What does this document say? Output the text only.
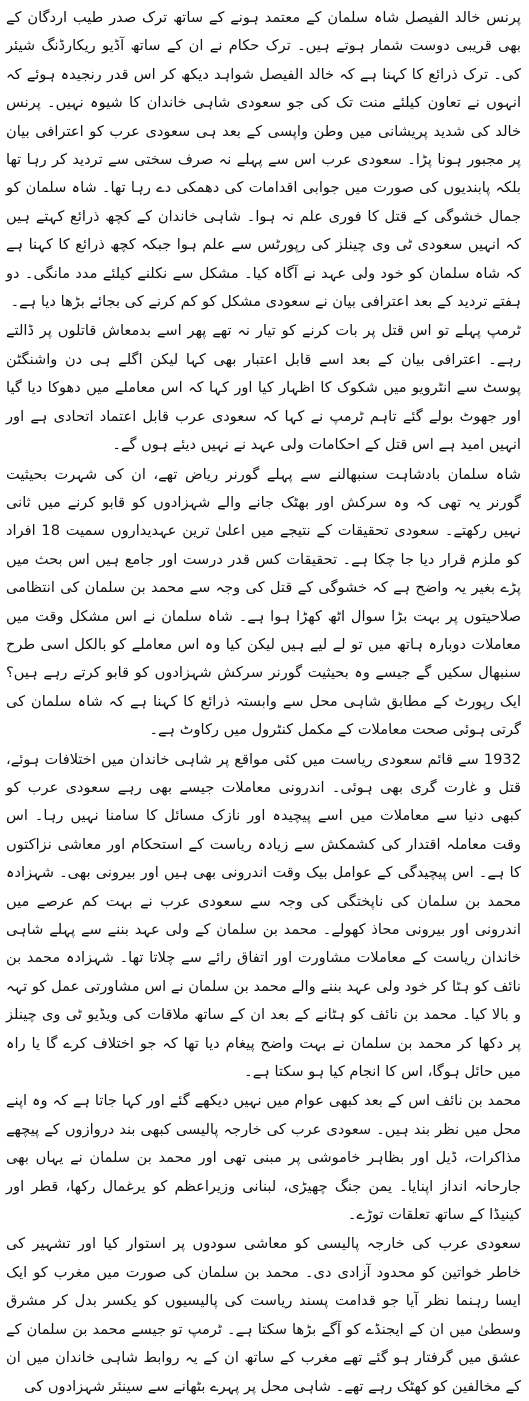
پرنس خالد الفیصل شاہ سلمان کے معتمد ہونے کے ساتھ ترک صدر طیب اردگان کے بھی قریبی دوست شمار ہوتے ہیں۔ ترک حکام نے ان کے ساتھ آڈیو ریکارڈنگ شیئر کی۔ ترک ذرائع کا کہنا ہے کہ خالد الفیصل شواہد دیکھ کر اس قدر رنجیدہ ہوئے کہ انہوں نے تعاون کیلئے منت تک کی جو سعودی شاہی خاندان کا شیوہ نہیں۔ پرنس خالد کی شدید پریشانی میں وطن واپسی کے بعد ہی سعودی عرب کو اعترافی بیان پر مجبور ہونا پڑا۔ سعودی عرب اس سے پہلے نہ صرف سختی سے تردید کر رہا تھا بلکہ پابندیوں کی صورت میں جوابی اقدامات کی دھمکی دے رہا تھا۔ شاہ سلمان کو جمال خشوگی کے قتل کا فوری علم نہ ہوا۔ شاہی خاندان کے کچھ ذرائع کہتے ہیں کہ انہیں سعودی ٹی وی چینلز کی رپورٹس سے علم ہوا جبکہ کچھ ذرائع کا کہنا ہے کہ شاہ سلمان کو خود ولی عہد نے آگاہ کیا۔ مشکل سے نکلنے کیلئے مدد مانگی۔ دو ہفتے تردید کے بعد اعترافی بیان نے سعودی مشکل کو کم کرنے کی بجائے بڑھا دیا ہے۔

ٹرمپ پہلے تو اس قتل پر بات کرنے کو تیار نہ تھے پھر اسے بدمعاش قاتلوں پر ڈالتے رہے۔ اعترافی بیان کے بعد اسے قابل اعتبار بھی کہا لیکن اگلے ہی دن واشنگٹن پوسٹ سے انٹرویو میں شکوک کا اظہار کیا اور کہا کہ اس معاملے میں دھوکا دیا گیا اور جھوٹ بولے گئے تاہم ٹرمپ نے کہا کہ سعودی عرب قابل اعتماد اتحادی ہے اور انہیں امید ہے اس قتل کے احکامات ولی عہد نے نہیں دیئے ہوں گے۔

شاہ سلمان بادشاہت سنبھالنے سے پہلے گورنر ریاض تھے، ان کی شہرت بحیثیت گورنر یہ تھی کہ وہ سرکش اور بھٹک جانے والے شہزادوں کو قابو کرنے میں ثانی نہیں رکھتے۔ سعودی تحقیقات کے نتیجے میں اعلیٰ ترین عہدیداروں سمیت 18 افراد کو ملزم قرار دیا جا چکا ہے۔ تحقیقات کس قدر درست اور جامع ہیں اس بحث میں پڑے بغیر یہ واضح ہے کہ خشوگی کے قتل کی وجہ سے محمد بن سلمان کی انتظامی صلاحیتوں پر بہت بڑا سوال اٹھ کھڑا ہوا ہے۔ شاہ سلمان نے اس مشکل وقت میں معاملات دوبارہ ہاتھ میں تو لے لیے ہیں لیکن کیا وہ اس معاملے کو بالکل اسی طرح سنبھال سکیں گے جیسے وہ بحیثیت گورنر سرکش شہزادوں کو قابو کرتے رہے ہیں؟ ایک رپورٹ کے مطابق شاہی محل سے وابستہ ذرائع کا کہنا ہے کہ شاہ سلمان کی گرتی ہوئی صحت معاملات کے مکمل کنٹرول میں رکاوٹ ہے۔

1932 سے قائم سعودی ریاست میں کئی مواقع پر شاہی خاندان میں اختلافات ہوئے، قتل و غارت گری بھی ہوئی۔ اندرونی معاملات جیسے بھی رہے سعودی عرب کو کبھی دنیا سے معاملات میں اسے پیچیدہ اور نازک مسائل کا سامنا نہیں رہا۔ اس وقت معاملہ اقتدار کی کشمکش سے زیادہ ریاست کے استحکام اور معاشی نزاکتوں کا ہے۔ اس پیچیدگی کے عوامل بیک وقت اندرونی بھی ہیں اور بیرونی بھی۔ شہزادہ محمد بن سلمان کی ناپختگی کی وجہ سے سعودی عرب نے بہت کم عرصے میں اندرونی اور بیرونی محاذ کھولے۔ محمد بن سلمان کے ولی عہد بننے سے پہلے شاہی خاندان ریاست کے معاملات مشاورت اور اتفاق رائے سے چلاتا تھا۔ شہزادہ محمد بن نائف کو ہٹا کر خود ولی عہد بننے والے محمد بن سلمان نے اس مشاورتی عمل کو تہہ و بالا کیا۔ محمد بن نائف کو ہٹانے کے بعد ان کے ساتھ ملاقات کی ویڈیو ٹی وی چینلز پر دکھا کر محمد بن سلمان نے بہت واضح پیغام دیا تھا کہ جو اختلاف کرے گا یا راہ میں حائل ہوگا، اس کا انجام کیا ہو سکتا ہے۔

محمد بن نائف اس کے بعد کبھی عوام میں نہیں دیکھے گئے اور کہا جاتا ہے کہ وہ اپنے محل میں نظر بند ہیں۔ سعودی عرب کی خارجہ پالیسی کبھی بند دروازوں کے پیچھے مذاکرات، ڈیل اور بظاہر خاموشی پر مبنی تھی اور محمد بن سلمان نے یہاں بھی جارحانہ انداز اپنایا۔ یمن جنگ چھیڑی، لبنانی وزیراعظم کو یرغمال رکھا، قطر اور کینیڈا کے ساتھ تعلقات توڑے۔

سعودی عرب کی خارجہ پالیسی کو معاشی سودوں پر استوار کیا اور تشہیر کی خاطر خواتین کو محدود آزادی دی۔ محمد بن سلمان کی صورت میں مغرب کو ایک ایسا رہنما نظر آیا جو قدامت پسند ریاست کی پالیسیوں کو یکسر بدل کر مشرق وسطیٰ میں ان کے ایجنڈے کو آگے بڑھا سکتا ہے۔ ٹرمپ تو جیسے محمد بن سلمان کے عشق میں گرفتار ہو گئے تھے مغرب کے ساتھ ان کے یہ روابط شاہی خاندان میں ان کے مخالفین کو کھٹک رہے تھے۔ شاہی محل پر پہرے بٹھانے سے سینئر شہزادوں کی
